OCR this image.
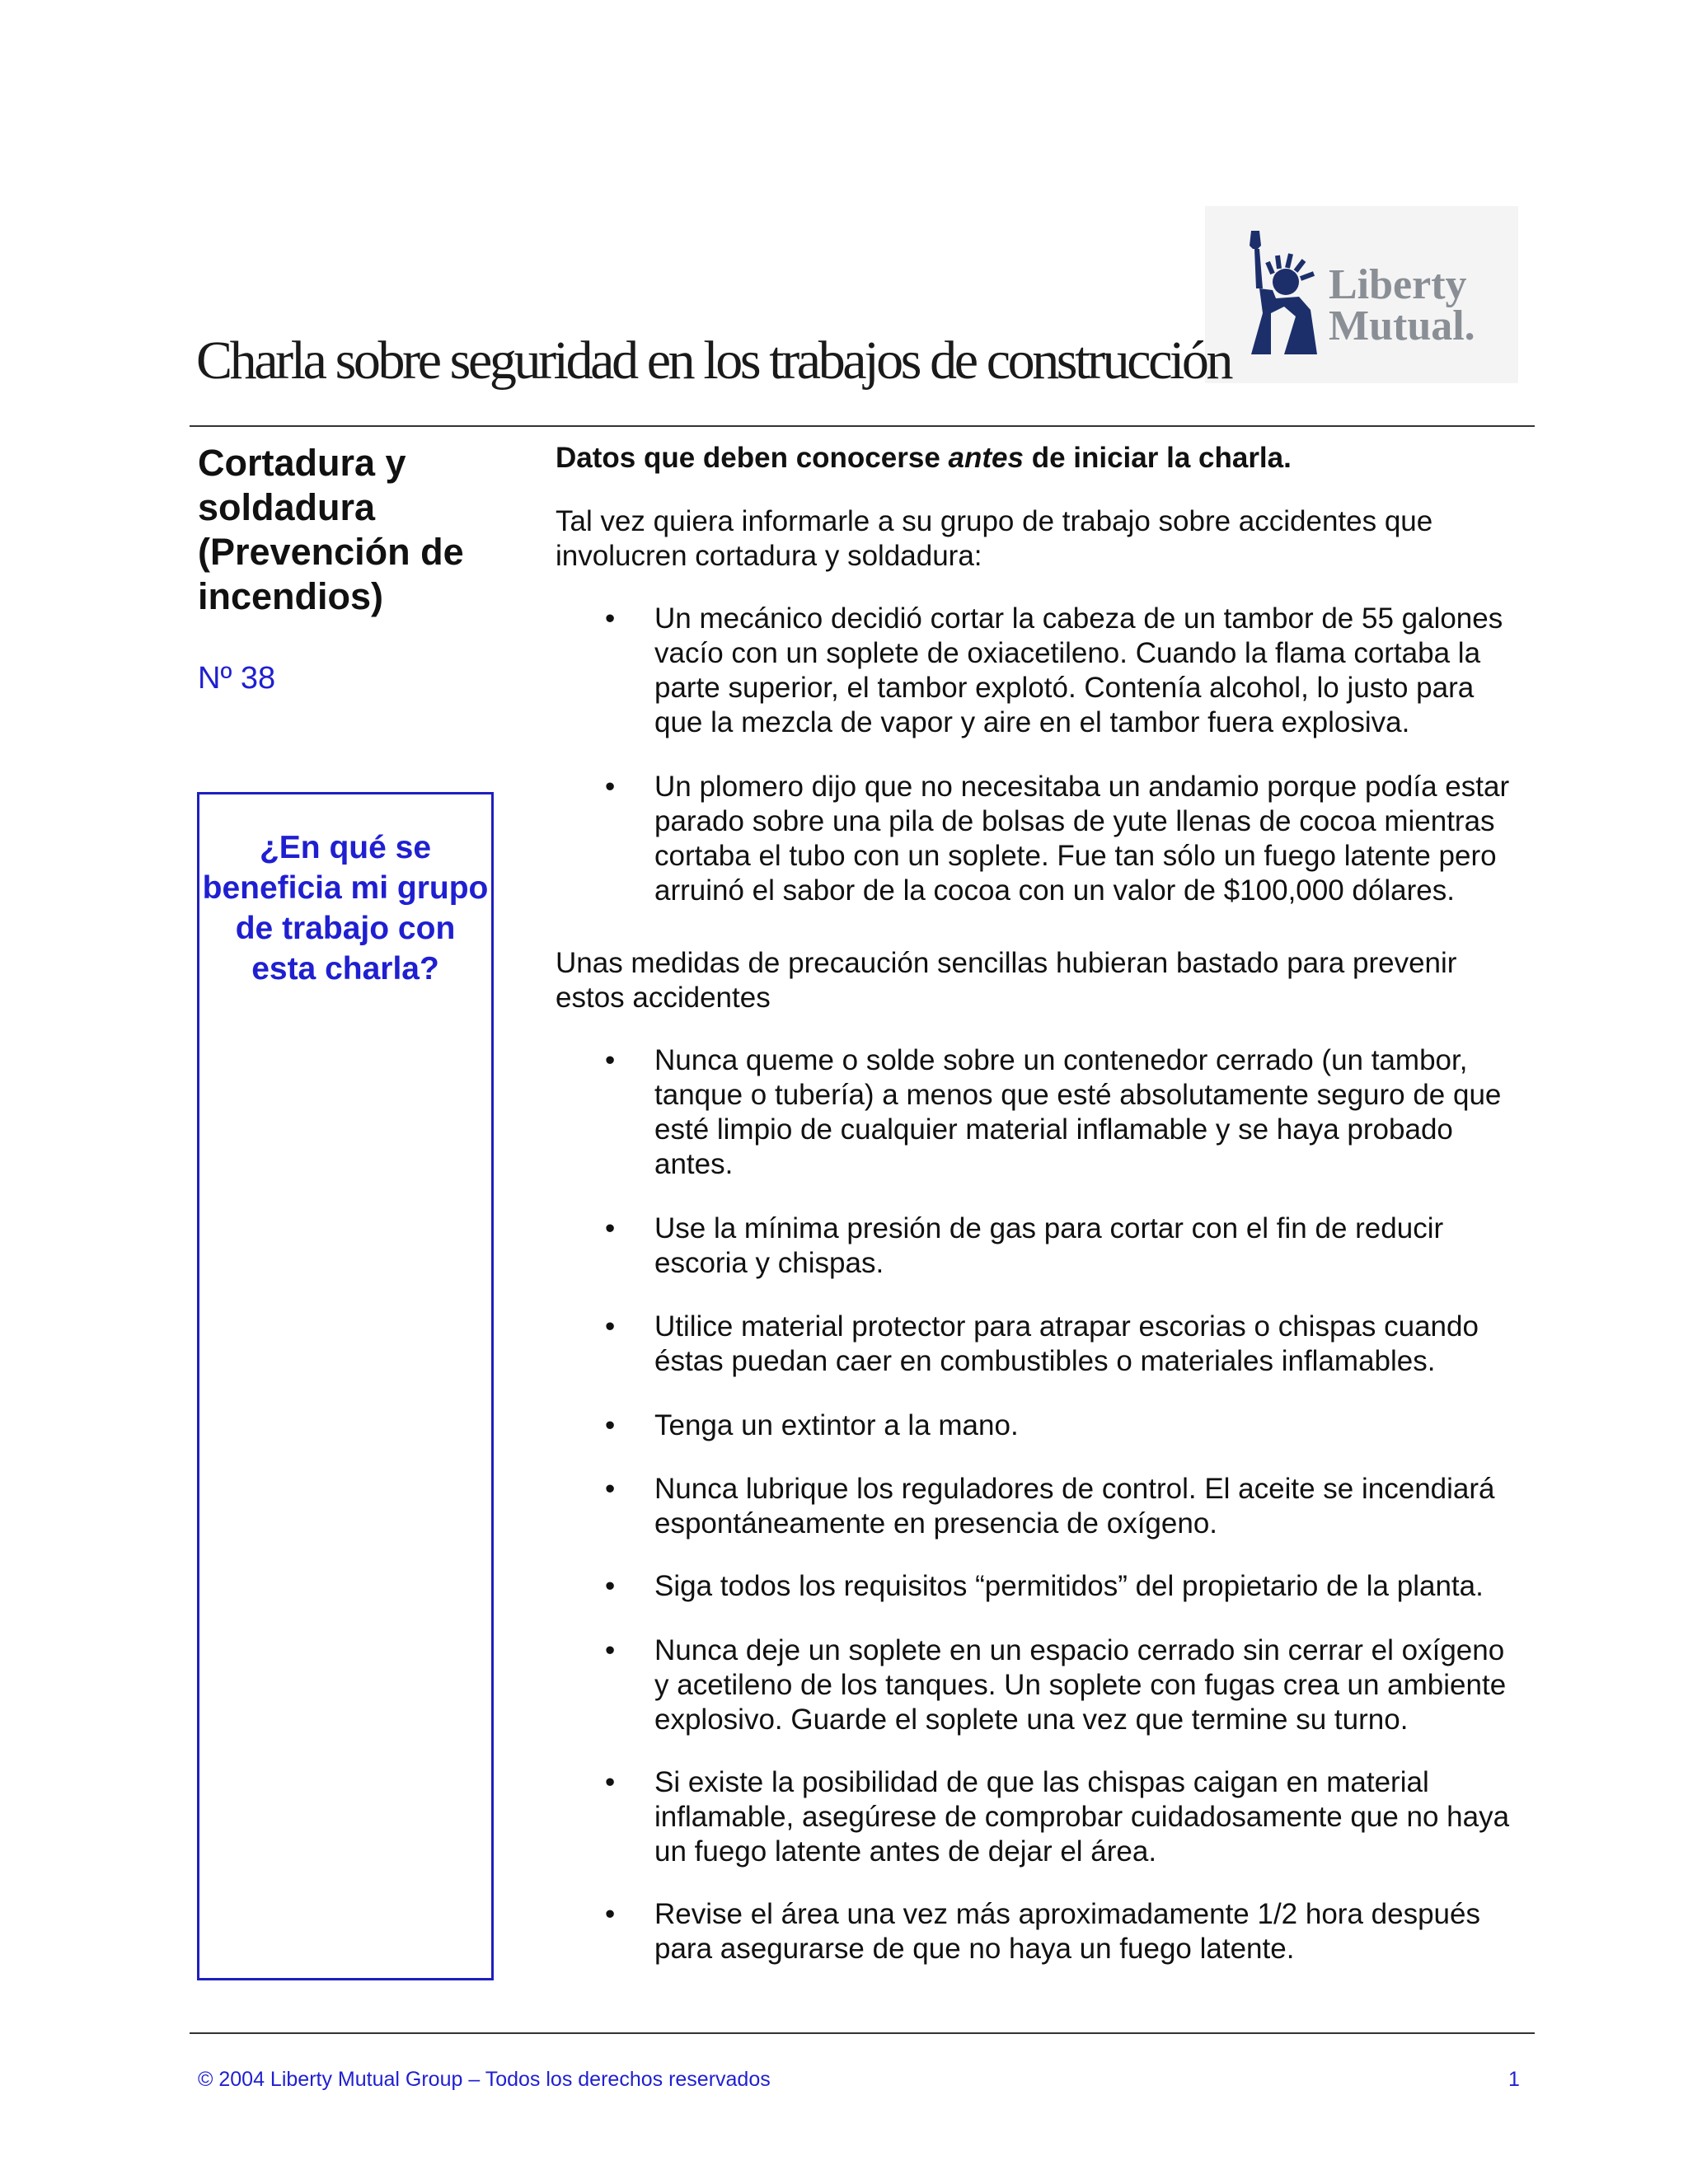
Liberty
Mutual.
Charla sobre seguridad en los trabajos de construcción
Cortadura y soldadura (Prevención de incendios)
Nº 38

¿En qué se beneficia mi grupo de trabajo con esta charla?

Datos que deben conocerse antes de iniciar la charla.

Tal vez quiera informarle a su grupo de trabajo sobre accidentes que involucren cortadura y soldadura:

• Un mecánico decidió cortar la cabeza de un tambor de 55 galones vacío con un soplete de oxiacetileno. Cuando la flama cortaba la parte superior, el tambor explotó. Contenía alcohol, lo justo para que la mezcla de vapor y aire en el tambor fuera explosiva.
• Un plomero dijo que no necesitaba un andamio porque podía estar parado sobre una pila de bolsas de yute llenas de cocoa mientras cortaba el tubo con un soplete. Fue tan sólo un fuego latente pero arruinó el sabor de la cocoa con un valor de $100,000 dólares.

Unas medidas de precaución sencillas hubieran bastado para prevenir estos accidentes

• Nunca queme o solde sobre un contenedor cerrado (un tambor, tanque o tubería) a menos que esté absolutamente seguro de que esté limpio de cualquier material inflamable y se haya probado antes.
• Use la mínima presión de gas para cortar con el fin de reducir escoria y chispas.
• Utilice material protector para atrapar escorias o chispas cuando éstas puedan caer en combustibles o materiales inflamables.
• Tenga un extintor a la mano.
• Nunca lubrique los reguladores de control. El aceite se incendiará espontáneamente en presencia de oxígeno.
• Siga todos los requisitos “permitidos” del propietario de la planta.
• Nunca deje un soplete en un espacio cerrado sin cerrar el oxígeno y acetileno de los tanques. Un soplete con fugas crea un ambiente explosivo. Guarde el soplete una vez que termine su turno.
• Si existe la posibilidad de que las chispas caigan en material inflamable, asegúrese de comprobar cuidadosamente que no haya un fuego latente antes de dejar el área.
• Revise el área una vez más aproximadamente 1/2 hora después para asegurarse de que no haya un fuego latente.
© 2004 Liberty Mutual Group – Todos los derechos reservados	1
